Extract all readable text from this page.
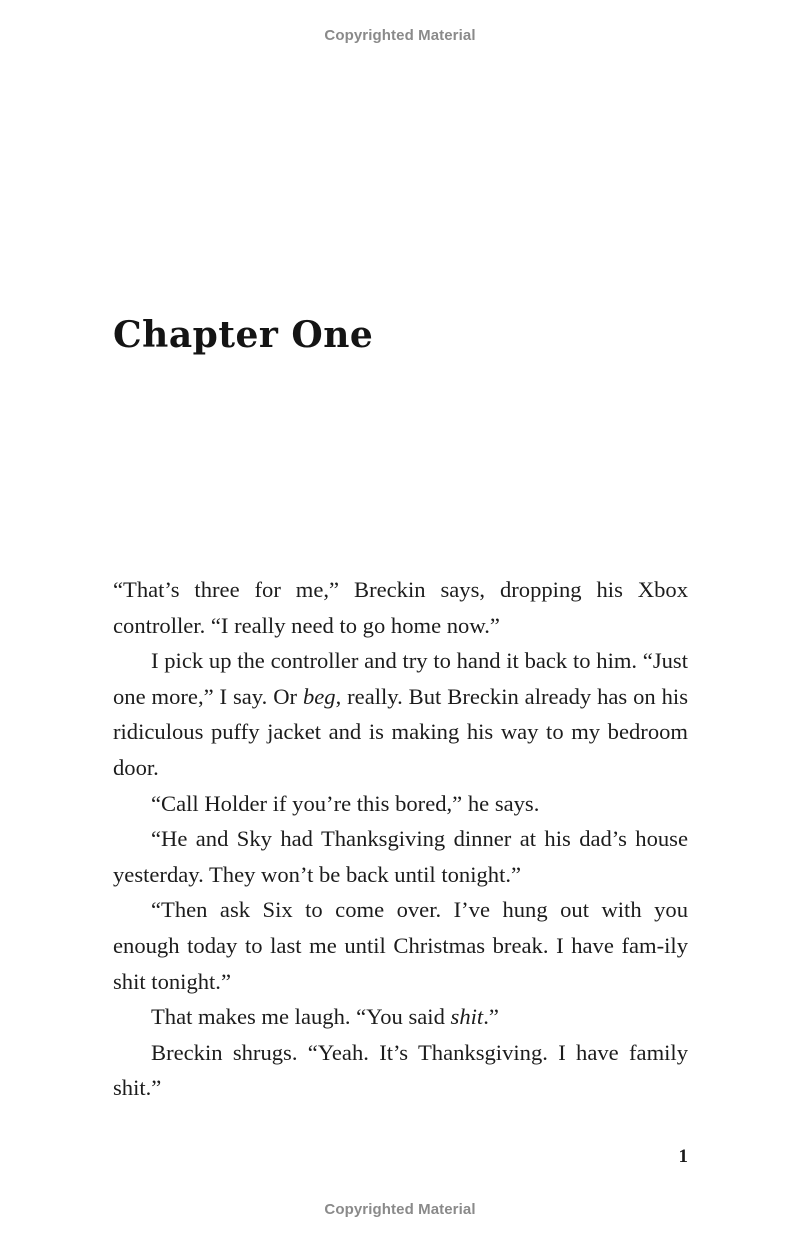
Copyrighted Material
Chapter One

“That’s three for me,” Breckin says, dropping his Xbox controller. “I really need to go home now.”

I pick up the controller and try to hand it back to him. “Just one more,” I say. Or beg, really. But Breckin already has on his ridiculous puffy jacket and is making his way to my bedroom door.

“Call Holder if you’re this bored,” he says.

“He and Sky had Thanksgiving dinner at his dad’s house yesterday. They won’t be back until tonight.”

“Then ask Six to come over. I’ve hung out with you enough today to last me until Christmas break. I have fam-ily shit tonight.”

That makes me laugh. “You said shit.”

Breckin shrugs. “Yeah. It’s Thanksgiving. I have family shit.”

1
Copyrighted Material
